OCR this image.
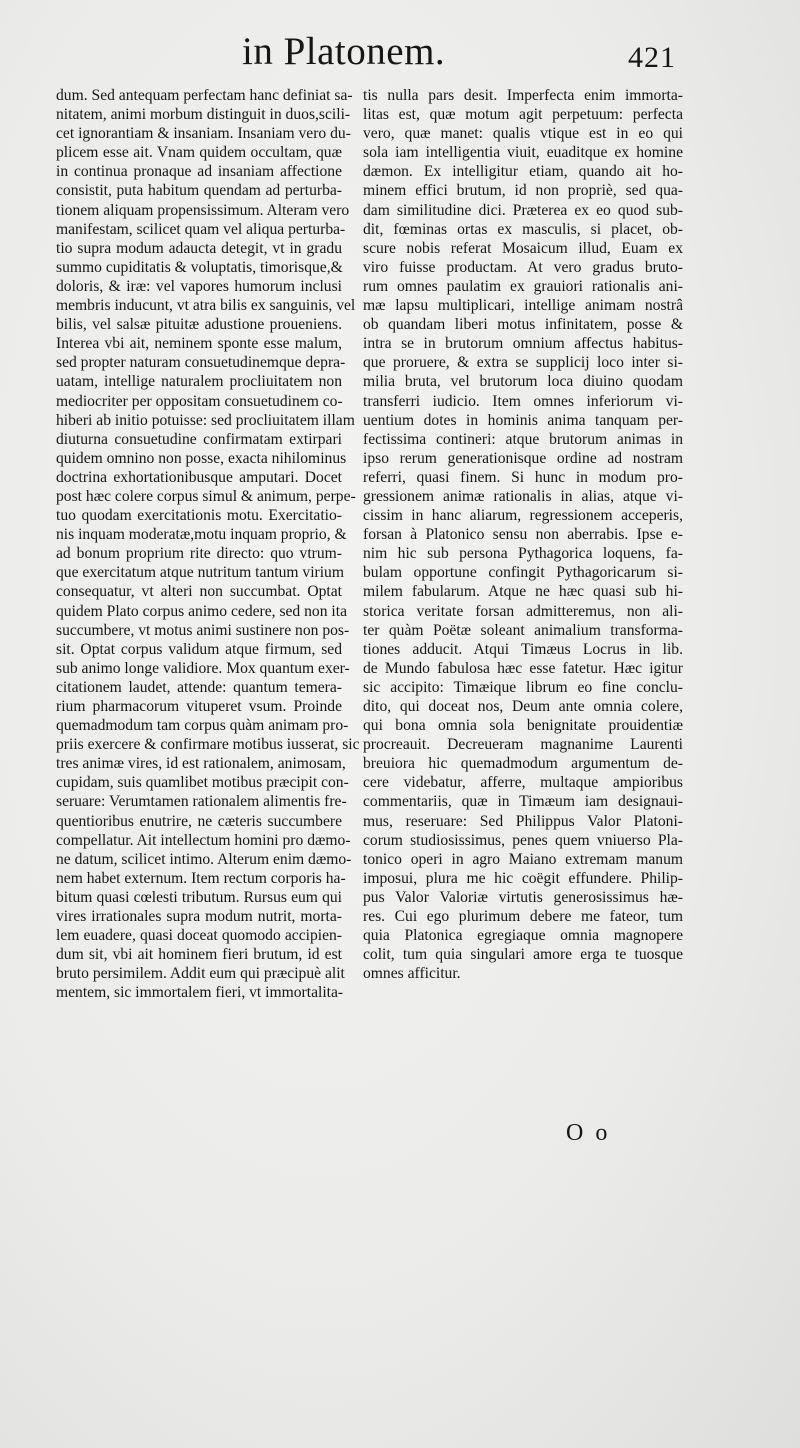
in Platonem.	421
dum. Sed antequam perfectam hanc definiat sa-
nitatem, animi morbum distinguit in duos,scili-
cet ignorantiam & insaniam. Insaniam vero du-
plicem esse ait. Vnam quidem occultam, quæ
in continua pronaque ad insaniam affectione
consistit, puta habitum quendam ad perturba-
tionem aliquam propensissimum. Alteram vero
manifestam, scilicet quam vel aliqua perturba-
tio supra modum adaucta detegit, vt in gradu
summo cupiditatis & voluptatis, timorisque,&
doloris, & iræ: vel vapores humorum inclusi
membris inducunt, vt atra bilis ex sanguinis, vel
bilis, vel salsæ pituitæ adustione proueniens.
Interea vbi ait, neminem sponte esse malum,
sed propter naturam consuetudinemque depra-
uatam, intellige naturalem procliuitatem non
mediocriter per oppositam consuetudinem co-
hiberi ab initio potuisse: sed procliuitatem illam
diuturna consuetudine confirmatam extirpari
quidem omnino non posse, exacta nihilominus
doctrina exhortationibusque amputari. Docet
post hæc colere corpus simul & animum, perpe-
tuo quodam exercitationis motu. Exercitatio-
nis inquam moderatæ,motu inquam proprio, &
ad bonum proprium rite directo: quo vtrum-
que exercitatum atque nutritum tantum virium
consequatur, vt alteri non succumbat. Optat
quidem Plato corpus animo cedere, sed non ita
succumbere, vt motus animi sustinere non pos-
sit. Optat corpus validum atque firmum, sed
sub animo longe validiore. Mox quantum exer-
citationem laudet, attende: quantum temera-
rium pharmacorum vituperet vsum. Proinde
quemadmodum tam corpus quàm animam pro-
priis exercere & confirmare motibus iusserat, sic
tres animæ vires, id est rationalem, animosam,
cupidam, suis quamlibet motibus præcipit con-
seruare: Verumtamen rationalem alimentis fre-
quentioribus enutrire, ne cæteris succumbere
compellatur. Ait intellectum homini pro dæmo-
ne datum, scilicet intimo. Alterum enim dæmo-
nem habet externum. Item rectum corporis ha-
bitum quasi cœlesti tributum. Rursus eum qui
vires irrationales supra modum nutrit, morta-
lem euadere, quasi doceat quomodo accipien-
dum sit, vbi ait hominem fieri brutum, id est
bruto persimilem. Addit eum qui præcipuè alit
mentem, sic immortalem fieri, vt immortalita-
tis nulla pars desit. Imperfecta enim immorta-
litas est, quæ motum agit perpetuum: perfecta
vero, quæ manet: qualis vtique est in eo qui
sola iam intelligentia viuit, euaditque ex homine
dæmon. Ex intelligitur etiam, quando ait ho-
minem effici brutum, id non propriè, sed qua-
dam similitudine dici. Præterea ex eo quod sub-
dit, fœminas ortas ex masculis, si placet, ob-
scure nobis referat Mosaicum illud, Euam ex
viro fuisse productam. At vero gradus bruto-
rum omnes paulatim ex grauiori rationalis ani-
mæ lapsu multiplicari, intellige animam nostrâ
ob quandam liberi motus infinitatem, posse &
intra se in brutorum omnium affectus habitus-
que proruere, & extra se supplicij loco inter si-
milia bruta, vel brutorum loca diuino quodam
transferri iudicio. Item omnes inferiorum vi-
uentium dotes in hominis anima tanquam per-
fectissima contineri: atque brutorum animas in
ipso rerum generationisque ordine ad nostram
referri, quasi finem. Si hunc in modum pro-
gressionem animæ rationalis in alias, atque vi-
cissim in hanc aliarum, regressionem acceperis,
forsan à Platonico sensu non aberrabis. Ipse e-
nim hic sub persona Pythagorica loquens, fa-
bulam opportune confingit Pythagoricarum si-
milem fabularum. Atque ne hæc quasi sub hi-
storica veritate forsan admitteremus, non ali-
ter quàm Poëtæ soleant animalium transforma-
tiones adducit. Atqui Timæus Locrus in lib.
de Mundo fabulosa hæc esse fatetur. Hæc igitur
sic accipito: Timæique librum eo fine conclu-
dito, qui doceat nos, Deum ante omnia colere,
qui bona omnia sola benignitate prouidentiæ
procreauit. Decreueram magnanime Laurenti
breuiora hic quemadmodum argumentum de-
cere videbatur, afferre, multaque ampioribus
commentariis, quæ in Timæum iam designaui-
mus, reseruare: Sed Philippus Valor Platoni-
corum studiosissimus, penes quem vniuerso Pla-
tonico operi in agro Maiano extremam manum
imposui, plura me hic coëgit effundere. Philip-
pus Valor Valoriæ virtutis generosissimus hæ-
res. Cui ego plurimum debere me fateor, tum
quia Platonica egregiaque omnia magnopere
colit, tum quia singulari amore erga te tuosque
omnes afficitur.
O o
